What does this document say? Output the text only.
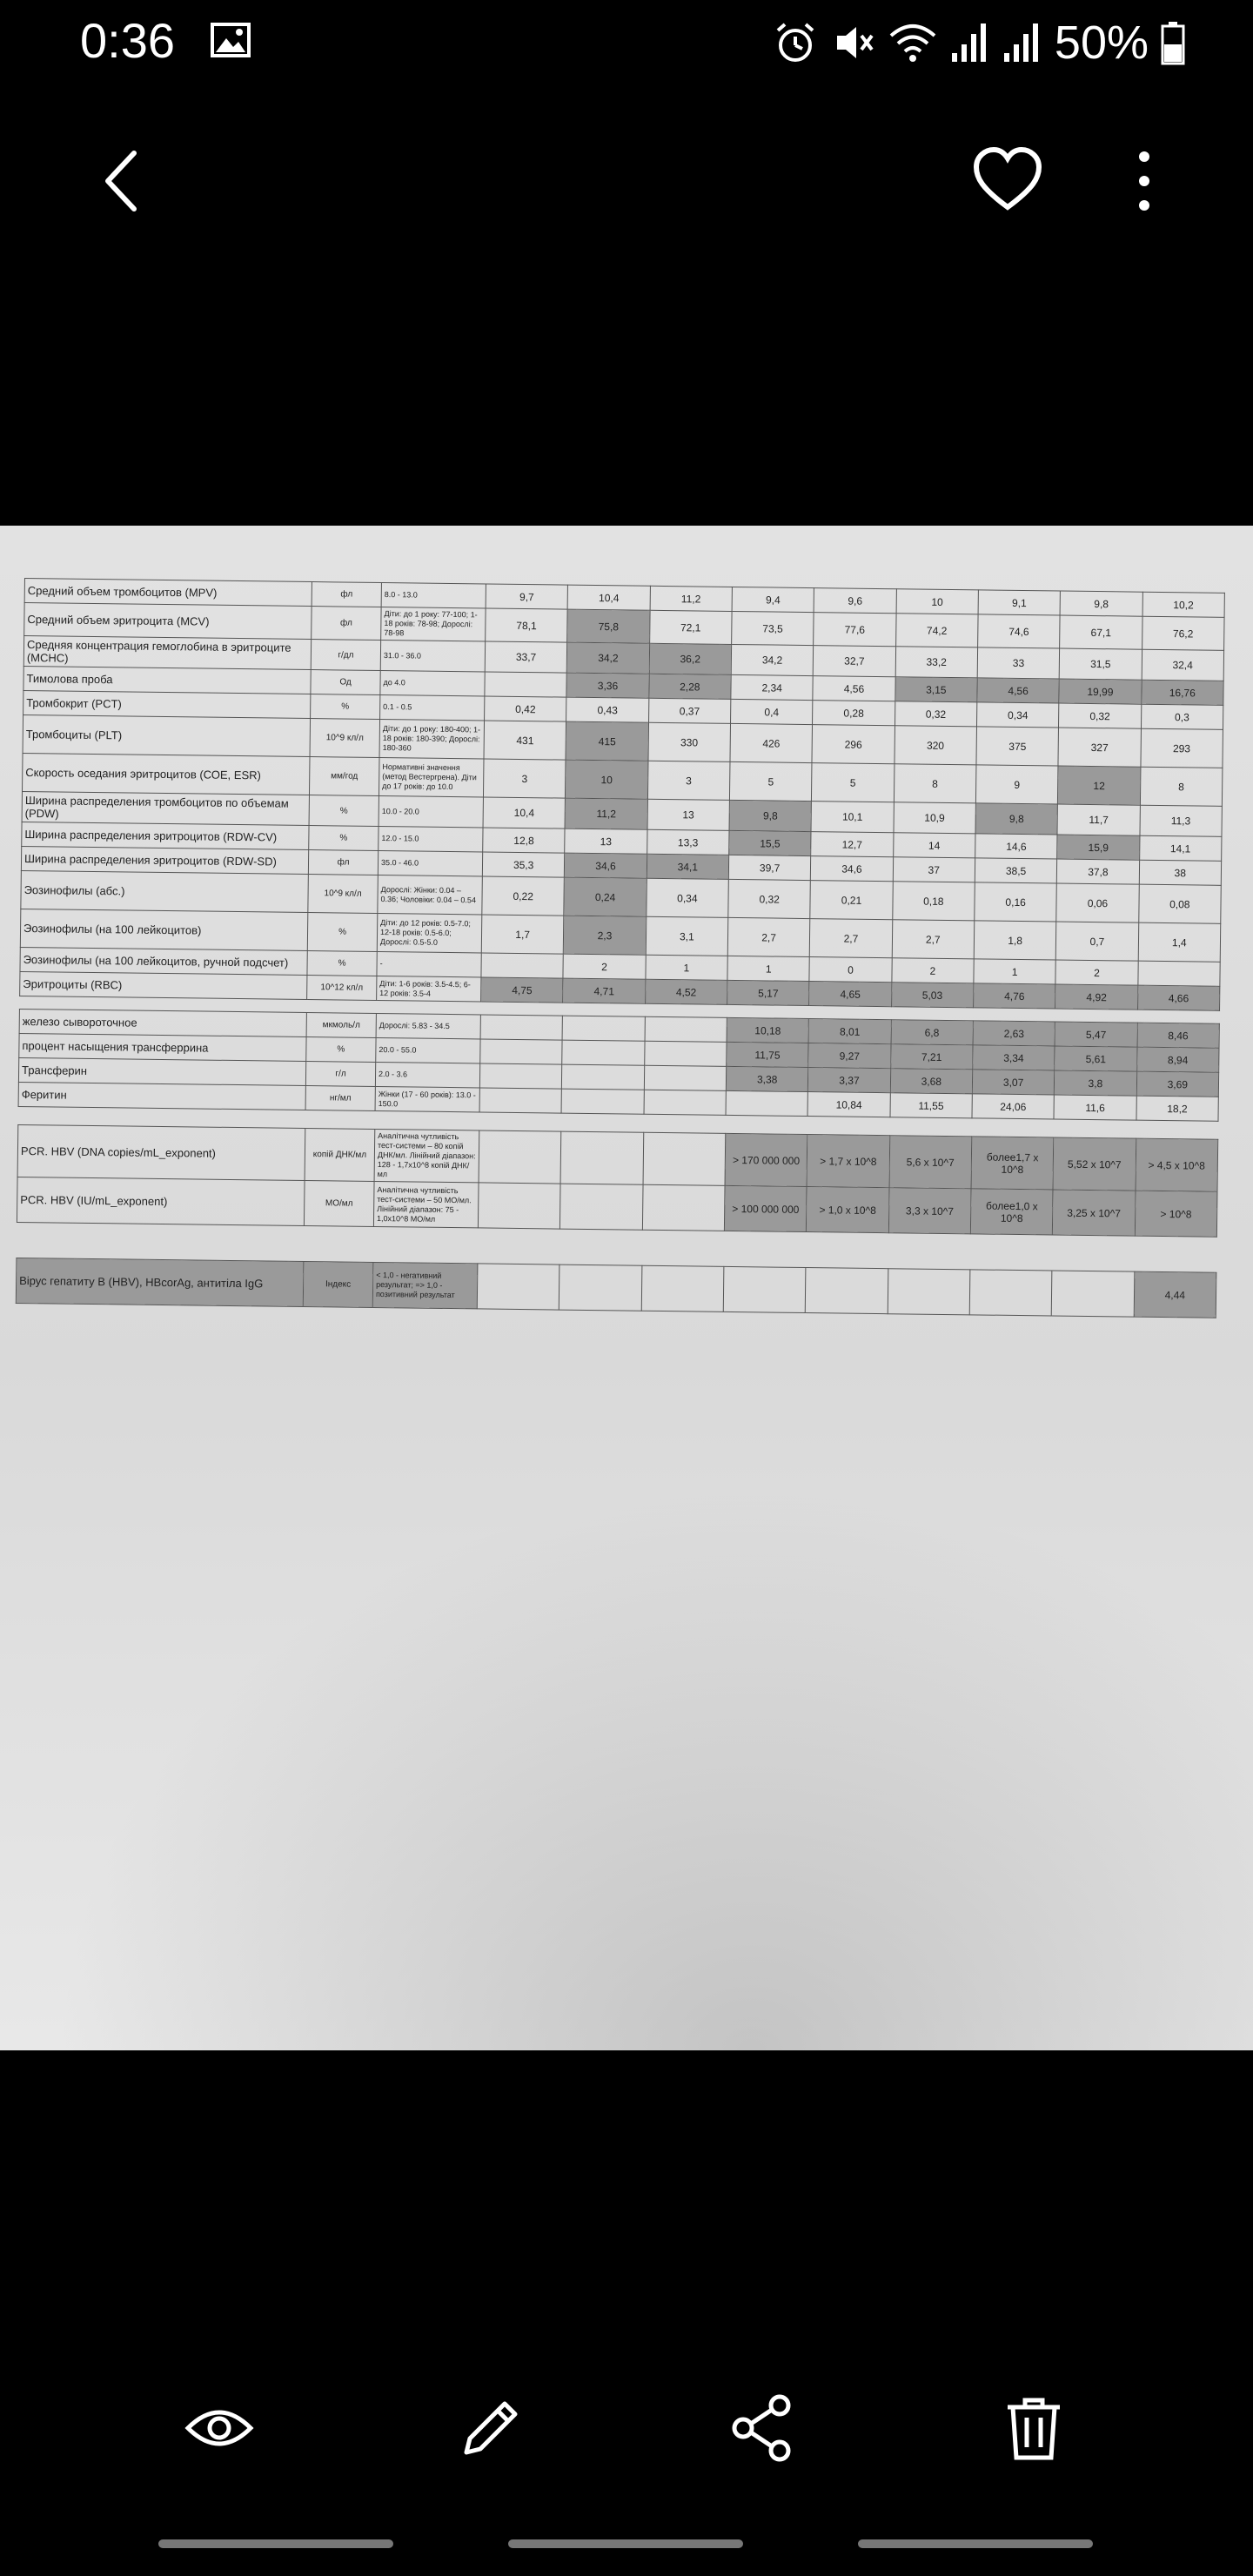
0:36	50%
Средний объем тромбоцитов (MPV)	фл	8.0 - 13.0	9,7	10,4	11,2	9,4	9,6	10	9,1	9,8	10,2
Средний объем эритроцита (MCV)	фл	Діти: до 1 року: 77-100; 1-18 років: 78-98; Дорослі: 78-98	78,1	75,8	72,1	73,5	77,6	74,2	74,6	67,1	76,2
Средняя концентрация гемоглобина в эритроците (MCHC)	г/дл	31.0 - 36.0	33,7	34,2	36,2	34,2	32,7	33,2	33	31,5	32,4
Тимолова проба	Од	до 4.0		3,36	2,28	2,34	4,56	3,15	4,56	19,99	16,76
Тромбокрит (PCT)	%	0.1 - 0.5	0,42	0,43	0,37	0,4	0,28	0,32	0,34	0,32	0,3
Тромбоциты (PLT)	10^9 кл/л	Діти: до 1 року: 180-400; 1-18 років: 180-390; Дорослі: 180-360	431	415	330	426	296	320	375	327	293
Скорость оседания эритроцитов (СОЕ, ESR)	мм/год	Нормативні значення (метод Вестергрена). Діти до 17 років: до 10.0	3	10	3	5	5	8	9	12	8
Ширина распределения тромбоцитов по объемам (PDW)	%	10.0 - 20.0	10,4	11,2	13	9,8	10,1	10,9	9,8	11,7	11,3
Ширина распределения эритроцитов (RDW-CV)	%	12.0 - 15.0	12,8	13	13,3	15,5	12,7	14	14,6	15,9	14,1
Ширина распределения эритроцитов (RDW-SD)	фл	35.0 - 46.0	35,3	34,6	34,1	39,7	34,6	37	38,5	37,8	38
Эозинофилы (абс.)	10^9 кл/л	Дорослі: Жінки: 0.04 – 0.36; Чоловіки: 0.04 – 0.54	0,22	0,24	0,34	0,32	0,21	0,18	0,16	0,06	0,08
Эозинофилы (на 100 лейкоцитов)	%	Діти: до 12 років: 0.5-7.0; 12-18 років: 0.5-6.0; Дорослі: 0.5-5.0	1,7	2,3	3,1	2,7	2,7	2,7	1,8	0,7	1,4
Эозинофилы (на 100 лейкоцитов, ручной подсчет)	%	-		2	1	1	0	2	1	2	
Эритроциты (RBC)	10^12 кл/л	Діти: 1-6 років: 3.5-4.5; 6-12 років: 3.5-4	4,75	4,71	4,52	5,17	4,65	5,03	4,76	4,92	4,66
железо сывороточное	мкмоль/л	Дорослі: 5.83 - 34.5				10,18	8,01	6,8	2,63	5,47	8,46
процент насыщения трансферрина	%	20.0 - 55.0				11,75	9,27	7,21	3,34	5,61	8,94
Трансферин	г/л	2.0 - 3.6				3,38	3,37	3,68	3,07	3,8	3,69
Феритин	нг/мл	Жінки (17 - 60 років): 13.0 - 150.0					10,84	11,55	24,06	11,6	18,2
PCR. HBV (DNA copies/mL_exponent)	копій ДНК/мл	Аналітична чутливість тест-системи – 80 копій ДНК/мл. Лінійний діапазон: 128 - 1,7х10^8 копій ДНК/мл				> 170 000 000	> 1,7 x 10^8	5,6 x 10^7	более1,7 x 10^8	5,52 x 10^7	> 4,5 x 10^8
PCR. HBV (IU/mL_exponent)	МО/мл	Аналітична чутливість тест-системи – 50 МО/мл. Лінійний діапазон: 75 - 1,0х10^8 МО/мл				> 100 000 000	> 1,0 x 10^8	3,3 x 10^7	более1,0 x 10^8	3,25 x 10^7	> 10^8
Вірус гепатиту В (HBV), HBcorAg, антитіла IgG	Індекс	< 1,0 - негативний результат; => 1,0 - позитивний результат									4,44
